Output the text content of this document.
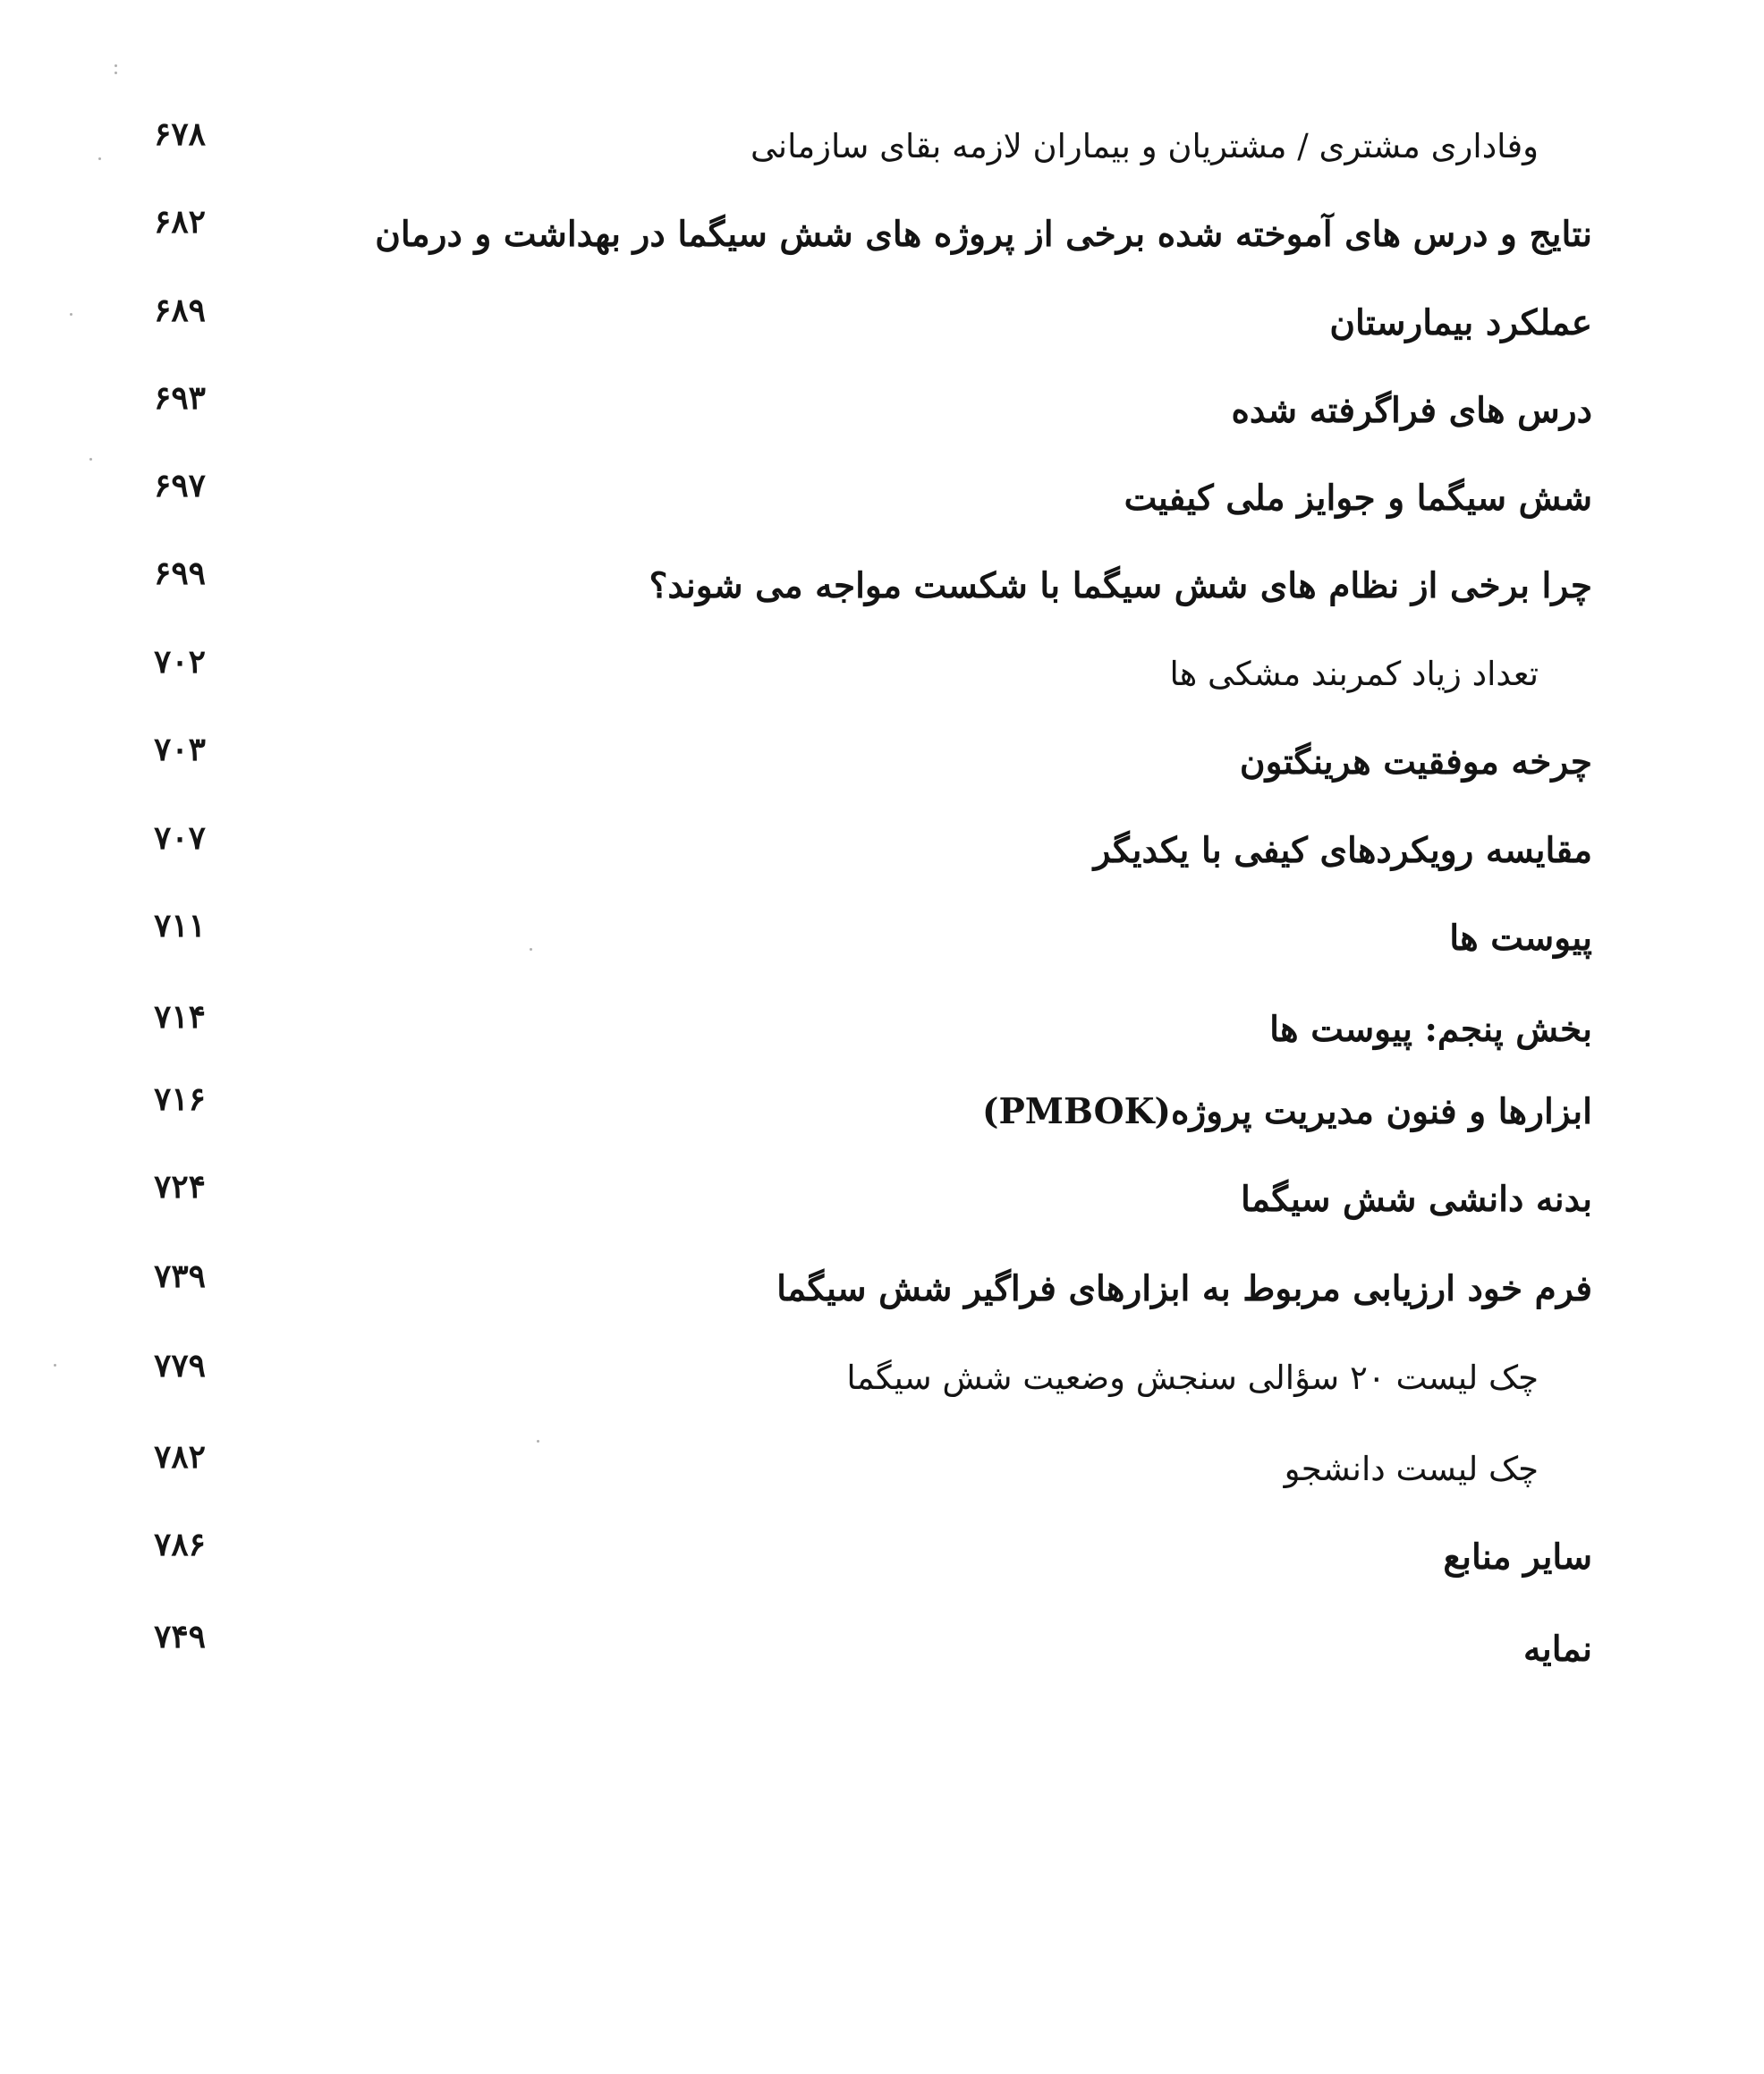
وفاداری مشتری / مشتریان و بیماران لازمه بقای سازمانی
۶۷۸
نتایج و درس های آموخته شده برخی از پروژه های شش سیگما در بهداشت و درمان
۶۸۲
عملکرد بیمارستان
۶۸۹
درس های فراگرفته شده
۶۹۳
شش سیگما و جوایز ملی کیفیت
۶۹۷
چرا برخی از نظام های شش سیگما با شکست مواجه می شوند؟
۶۹۹
تعداد زیاد کمربند مشکی ها
۷۰۲
چرخه موفقیت هرینگتون
۷۰۳
مقایسه رویکردهای کیفی با یکدیگر
۷۰۷
پیوست ها
۷۱۱
بخش پنجم: پیوست ها
۷۱۴
ابزارها و فنون مدیریت پروژه(PMBOK)
۷۱۶
بدنه دانشی شش سیگما
۷۲۴
فرم خود ارزیابی مربوط به ابزارهای فراگیر شش سیگما
۷۳۹
چک لیست ۲۰ سؤالی سنجش وضعیت شش سیگما
۷۷۹
چک لیست دانشجو
۷۸۲
سایر منابع
۷۸۶
نمایه
۷۴۹
